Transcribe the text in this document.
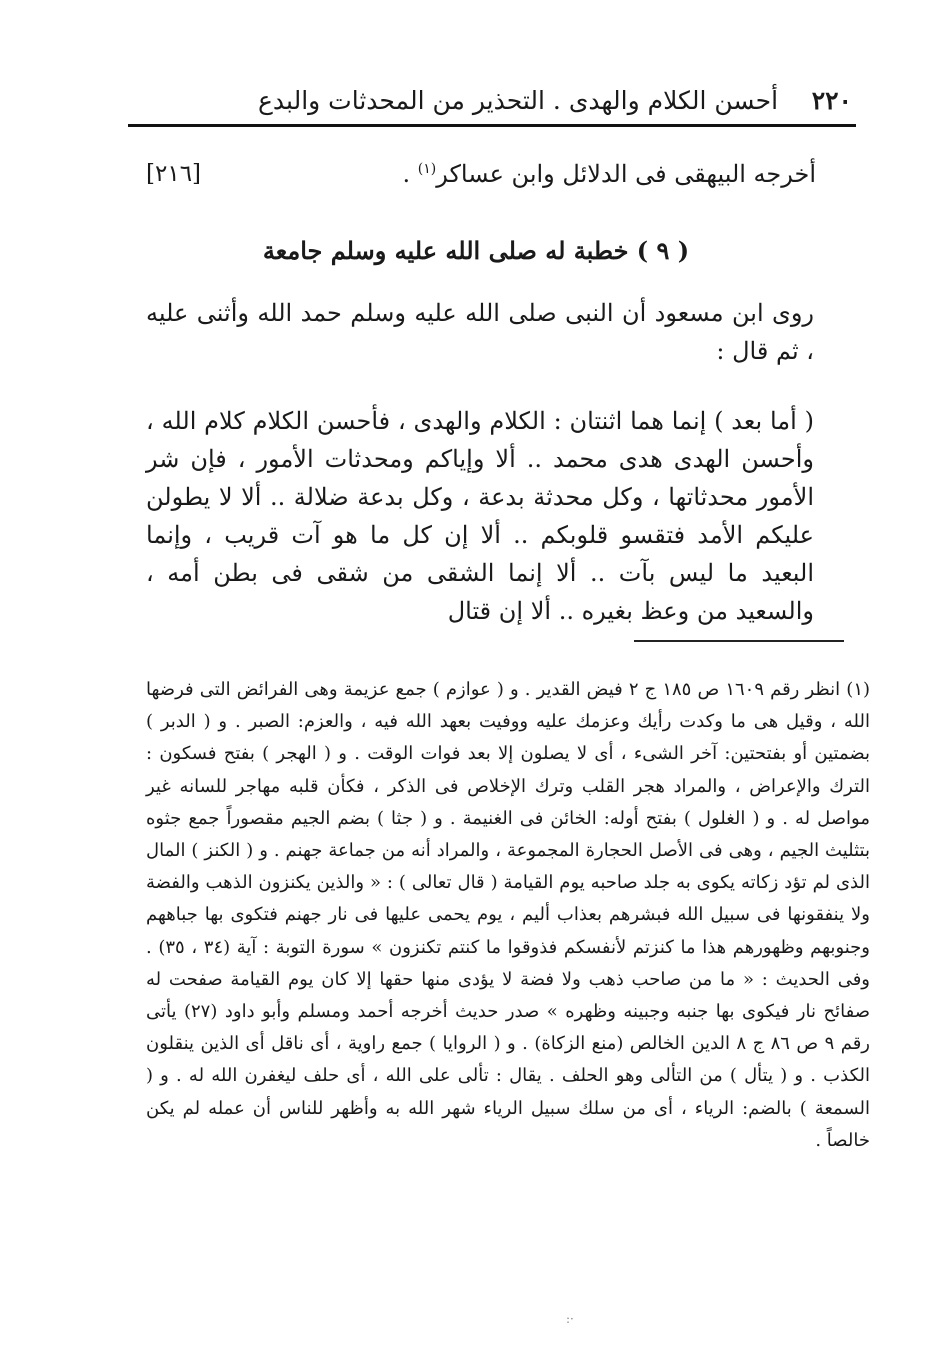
٢٢٠
أحسن الكلام والهدى . التحذير من المحدثات والبدع
أخرجه البيهقى فى الدلائل وابن عساكر$^{(١)}$ .
[٢١٦]
( ٩ ) خطبة له صلى الله عليه وسلم جامعة

روى ابن مسعود أن النبى صلى الله عليه وسلم حمد الله وأثنى عليه ، ثم قال :

( أما بعد ) إنما هما اثنتان : الكلام والهدى ، فأحسن الكلام كلام الله ، وأحسن الهدى هدى محمد .. ألا وإياكم ومحدثات الأمور ، فإن شر الأمور محدثاتها ، وكل محدثة بدعة ، وكل بدعة ضلالة .. ألا لا يطولن عليكم الأمد فتقسو قلوبكم .. ألا إن كل ما هو آت قريب ، وإنما البعيد ما ليس بآت .. ألا إنما الشقى من شقى فى بطن أمه ، والسعيد من وعظ بغيره .. ألا إن قتال

(١) انظر رقم ١٦٠٩ ص ١٨٥ ج ٢ فيض القدير . و ( عوازم ) جمع عزيمة وهى الفرائض التى فرضها الله ، وقيل هى ما وكدت رأيك وعزمك عليه ووفيت بعهد الله فيه ، والعزم: الصبر . و ( الدبر ) بضمتين أو بفتحتين: آخر الشىء ، أى لا يصلون إلا بعد فوات الوقت . و ( الهجر ) بفتح فسكون : الترك والإعراض ، والمراد هجر القلب وترك الإخلاص فى الذكر ، فكأن قلبه مهاجر للسانه غير مواصل له . و ( الغلول ) بفتح أوله: الخائن فى الغنيمة . و ( جثا ) بضم الجيم مقصوراً جمع جثوه بتثليث الجيم ، وهى فى الأصل الحجارة المجموعة ، والمراد أنه من جماعة جهنم . و ( الكنز ) المال الذى لم تؤد زكاته يكوى به جلد صاحبه يوم القيامة ( قال تعالى ) : « والذين يكنزون الذهب والفضة ولا ينفقونها فى سبيل الله فبشرهم بعذاب أليم ، يوم يحمى عليها فى نار جهنم فتكوى بها جباههم وجنوبهم وظهورهم هذا ما كنزتم لأنفسكم فذوقوا ما كنتم تكنزون » سورة التوبة : آية (٣٤ ، ٣٥) . وفى الحديث : « ما من صاحب ذهب ولا فضة لا يؤدى منها حقها إلا كان يوم القيامة صفحت له صفائح نار فيكوى بها جنبه وجبينه وظهره » صدر حديث أخرجه أحمد ومسلم وأبو داود (٢٧) يأتى رقم ٩ ص ٨٦ ج ٨ الدين الخالص (منع الزكاة) . و ( الروايا ) جمع راوية ، أى ناقل أى الذين ينقلون الكذب . و ( يتأل ) من التألى وهو الحلف . يقال : تألى على الله ، أى حلف ليغفرن الله له . و ( السمعة ) بالضم: الرياء ، أى من سلك سبيل الرياء شهر الله به وأظهر للناس أن عمله لم يكن خالصاً .

·:
